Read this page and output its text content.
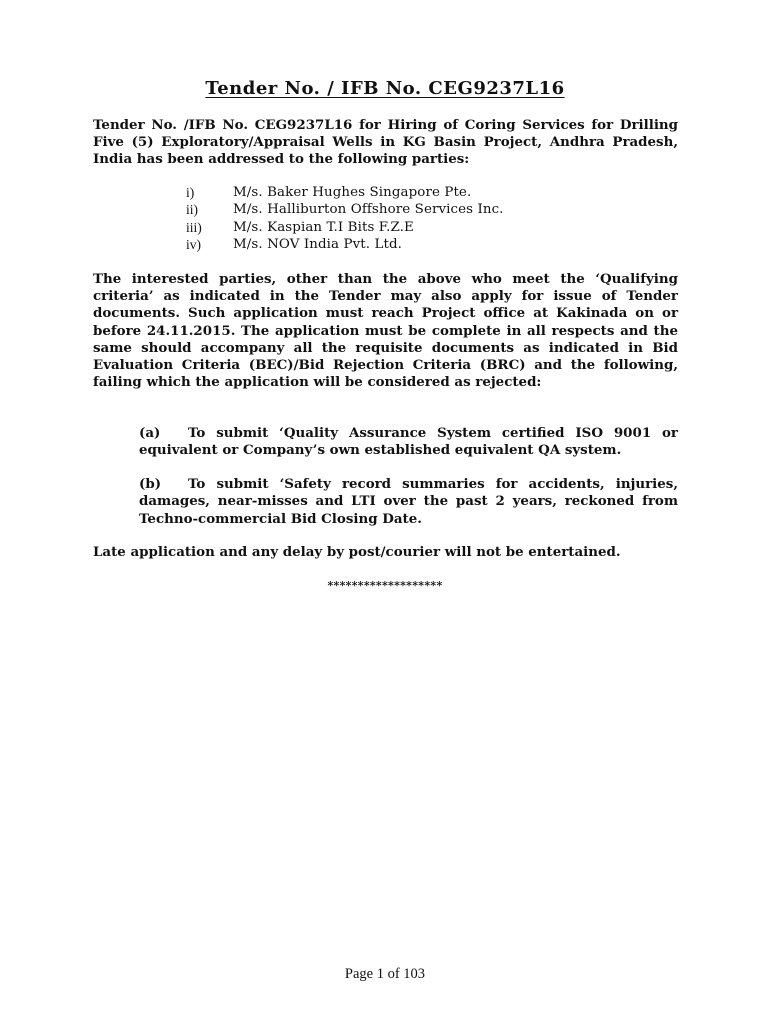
Tender No. / IFB No. CEG9237L16
Tender No. /IFB No. CEG9237L16 for Hiring of Coring Services for Drilling Five (5) Exploratory/Appraisal Wells in KG Basin Project, Andhra Pradesh, India has been addressed to the following parties:
i)	M/s. Baker Hughes Singapore Pte.
ii)	M/s. Halliburton Offshore Services Inc.
iii)	M/s. Kaspian T.I Bits F.Z.E
iv)	M/s. NOV India Pvt. Ltd.
The interested parties, other than the above who meet the ‘Qualifying criteria’ as indicated in the Tender may also apply for issue of Tender documents. Such application must reach Project office at Kakinada on or before 24.11.2015. The application must be complete in all respects and the same should accompany all the requisite documents as indicated in Bid Evaluation Criteria (BEC)/Bid Rejection Criteria (BRC) and the following, failing which the application will be considered as rejected:
(a) To submit ‘Quality Assurance System certified ISO 9001 or equivalent or Company’s own established equivalent QA system.
(b) To submit ‘Safety record summaries for accidents, injuries, damages, near-misses and LTI over the past 2 years, reckoned from Techno-commercial Bid Closing Date.
Late application and any delay by post/courier will not be entertained.
*******************
Page 1 of 103
